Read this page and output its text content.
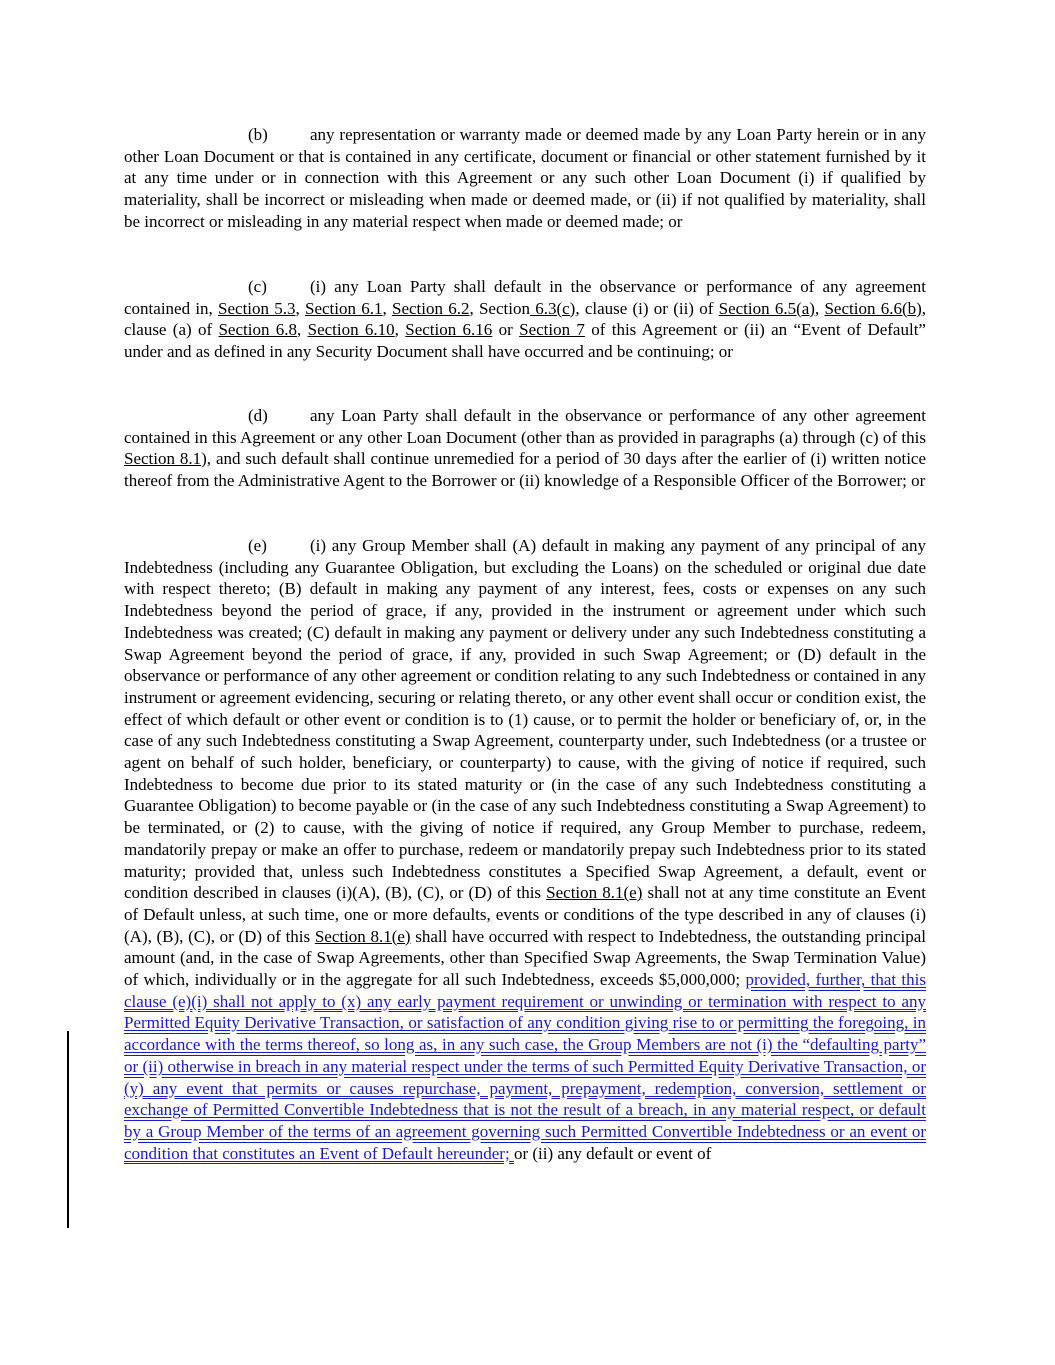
(b) any representation or warranty made or deemed made by any Loan Party herein or in any other Loan Document or that is contained in any certificate, document or financial or other statement furnished by it at any time under or in connection with this Agreement or any such other Loan Document (i) if qualified by materiality, shall be incorrect or misleading when made or deemed made, or (ii) if not qualified by materiality, shall be incorrect or misleading in any material respect when made or deemed made; or

(c)	(i) any Loan Party shall default in the observance or performance of any agreement contained in, Section 5.3, Section 6.1, Section 6.2, Section 6.3(c), clause (i) or (ii) of Section 6.5(a), Section 6.6(b), clause (a) of Section 6.8, Section 6.10, Section 6.16 or Section 7 of this Agreement or (ii) an “Event of Default” under and as defined in any Security Document shall have occurred and be continuing; or

(d) any Loan Party shall default in the observance or performance of any other agreement contained in this Agreement or any other Loan Document (other than as provided in paragraphs (a) through (c) of this Section 8.1), and such default shall continue unremedied for a period of 30 days after the earlier of (i) written notice thereof from the Administrative Agent to the Borrower or (ii) knowledge of a Responsible Officer of the Borrower; or

(e)	(i) any Group Member shall (A) default in making any payment of any principal of any Indebtedness (including any Guarantee Obligation, but excluding the Loans) on the scheduled or original due date with respect thereto; (B) default in making any payment of any interest, fees, costs or expenses on any such Indebtedness beyond the period of grace, if any, provided in the instrument or agreement under which such Indebtedness was created; (C) default in making any payment or delivery under any such Indebtedness constituting a Swap Agreement beyond the period of grace, if any, provided in such Swap Agreement; or (D) default in the observance or performance of any other agreement or condition relating to any such Indebtedness or contained in any instrument or agreement evidencing, securing or relating thereto, or any other event shall occur or condition exist, the effect of which default or other event or condition is to (1) cause, or to permit the holder or beneficiary of, or, in the case of any such Indebtedness constituting a Swap Agreement, counterparty under, such Indebtedness (or a trustee or agent on behalf of such holder, beneficiary, or counterparty) to cause, with the giving of notice if required, such Indebtedness to become due prior to its stated maturity or (in the case of any such Indebtedness constituting a Guarantee Obligation) to become payable or (in the case of any such Indebtedness constituting a Swap Agreement) to be terminated, or (2) to cause, with the giving of notice if required, any Group Member to purchase, redeem, mandatorily prepay or make an offer to purchase, redeem or mandatorily prepay such Indebtedness prior to its stated maturity; provided that, unless such Indebtedness constitutes a Specified Swap Agreement, a default, event or condition described in clauses (i)(A), (B), (C), or (D) of this Section 8.1(e) shall not at any time constitute an Event of Default unless, at such time, one or more defaults, events or conditions of the type described in any of clauses (i)(A), (B), (C), or (D) of this Section 8.1(e) shall have occurred with respect to Indebtedness, the outstanding principal amount (and, in the case of Swap Agreements, other than Specified Swap Agreements, the Swap Termination Value) of which, individually or in the aggregate for all such Indebtedness, exceeds $5,000,000; provided, further, that this clause (e)(i) shall not apply to (x) any early payment requirement or unwinding or termination with respect to any Permitted Equity Derivative Transaction, or satisfaction of any condition giving rise to or permitting the foregoing, in accordance with the terms thereof, so long as, in any such case, the Group Members are not (i) the “defaulting party” or (ii) otherwise in breach in any material respect under the terms of such Permitted Equity Derivative Transaction, or (y) any event that permits or causes repurchase, payment, prepayment, redemption, conversion, settlement or exchange of Permitted Convertible Indebtedness that is not the result of a breach, in any material respect, or default by a Group Member of the terms of an agreement governing such Permitted Convertible Indebtedness or an event or condition that constitutes an Event of Default hereunder; or (ii) any default or event of
